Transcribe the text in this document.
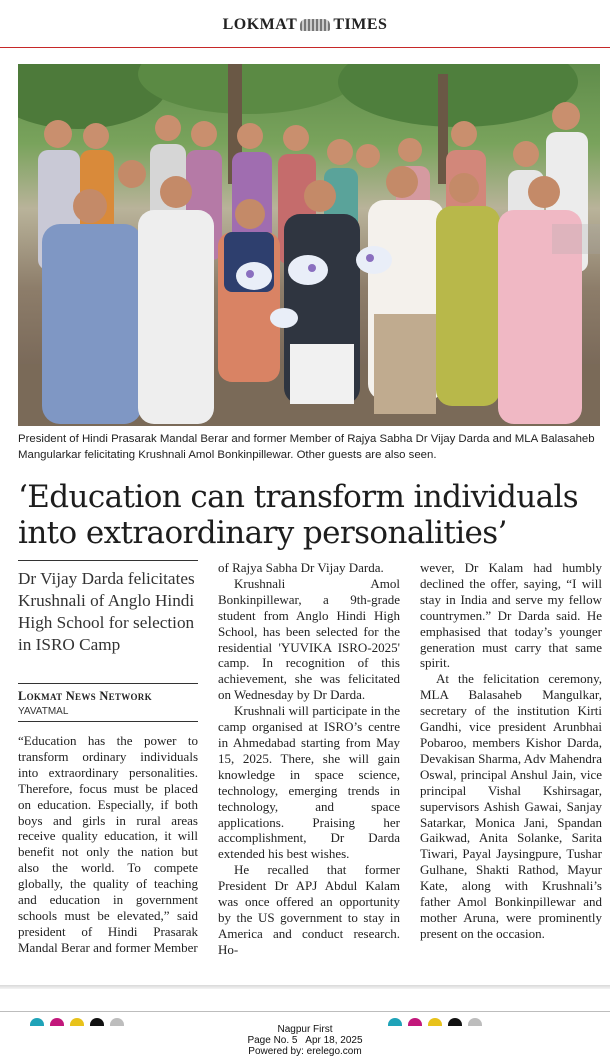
LOKMAT TIMES
President of Hindi Prasarak Mandal Berar and former Member of Rajya Sabha Dr Vijay Darda and MLA Balasaheb Mangularkar felicitating Krushnali Amol Bonkinpillewar. Other guests are also seen.
‘Education can transform individuals into extraordinary personalities’
Dr Vijay Darda felicitates Krushnali of Anglo Hindi High School for selection in ISRO Camp
Lokmat News Network
YAVATMAL

“Education has the power to transform ordinary individuals into extraordinary personalities. Therefore, focus must be placed on education. Especially, if both boys and girls in rural areas receive quality education, it will benefit not only the nation but also the world. To compete globally, the quality of teaching and education in government schools must be elevated,” said president of Hindi Prasarak Mandal Berar and former Member

of Rajya Sabha Dr Vijay Darda.

Krushnali Amol Bonkinpillewar, a 9th-grade student from Anglo Hindi High School, has been selected for the residential 'YUVIKA ISRO-2025' camp. In recognition of this achievement, she was felicitated on Wednesday by Dr Darda.

Krushnali will participate in the camp organised at ISRO’s centre in Ahmedabad starting from May 15, 2025. There, she will gain knowledge in space science, technology, emerging trends in technology, and space applications. Praising her accomplishment, Dr Darda extended his best wishes.

He recalled that former President Dr APJ Abdul Kalam was once offered an opportunity by the US government to stay in America and conduct research. Ho-

wever, Dr Kalam had humbly declined the offer, saying, “I will stay in India and serve my fellow countrymen.” Dr Darda said. He emphasised that today’s younger generation must carry that same spirit.

At the felicitation ceremony, MLA Balasaheb Mangulkar, secretary of the institution Kirti Gandhi, vice president Arunbhai Pobaroo, members Kishor Darda, Devakisan Sharma, Adv Mahendra Oswal, principal Anshul Jain, vice principal Vishal Kshirsagar, supervisors Ashish Gawai, Sanjay Satarkar, Monica Jani, Spandan Gaikwad, Anita Solanke, Sarita Tiwari, Payal Jaysingpure, Tushar Gulhane, Shakti Rathod, Mayur Kate, along with Krushnali’s father Amol Bonkinpillewar and mother Aruna, were prominently present on the occasion.

Nagpur First
Page No. 5   Apr 18, 2025
Powered by: erelego.com
